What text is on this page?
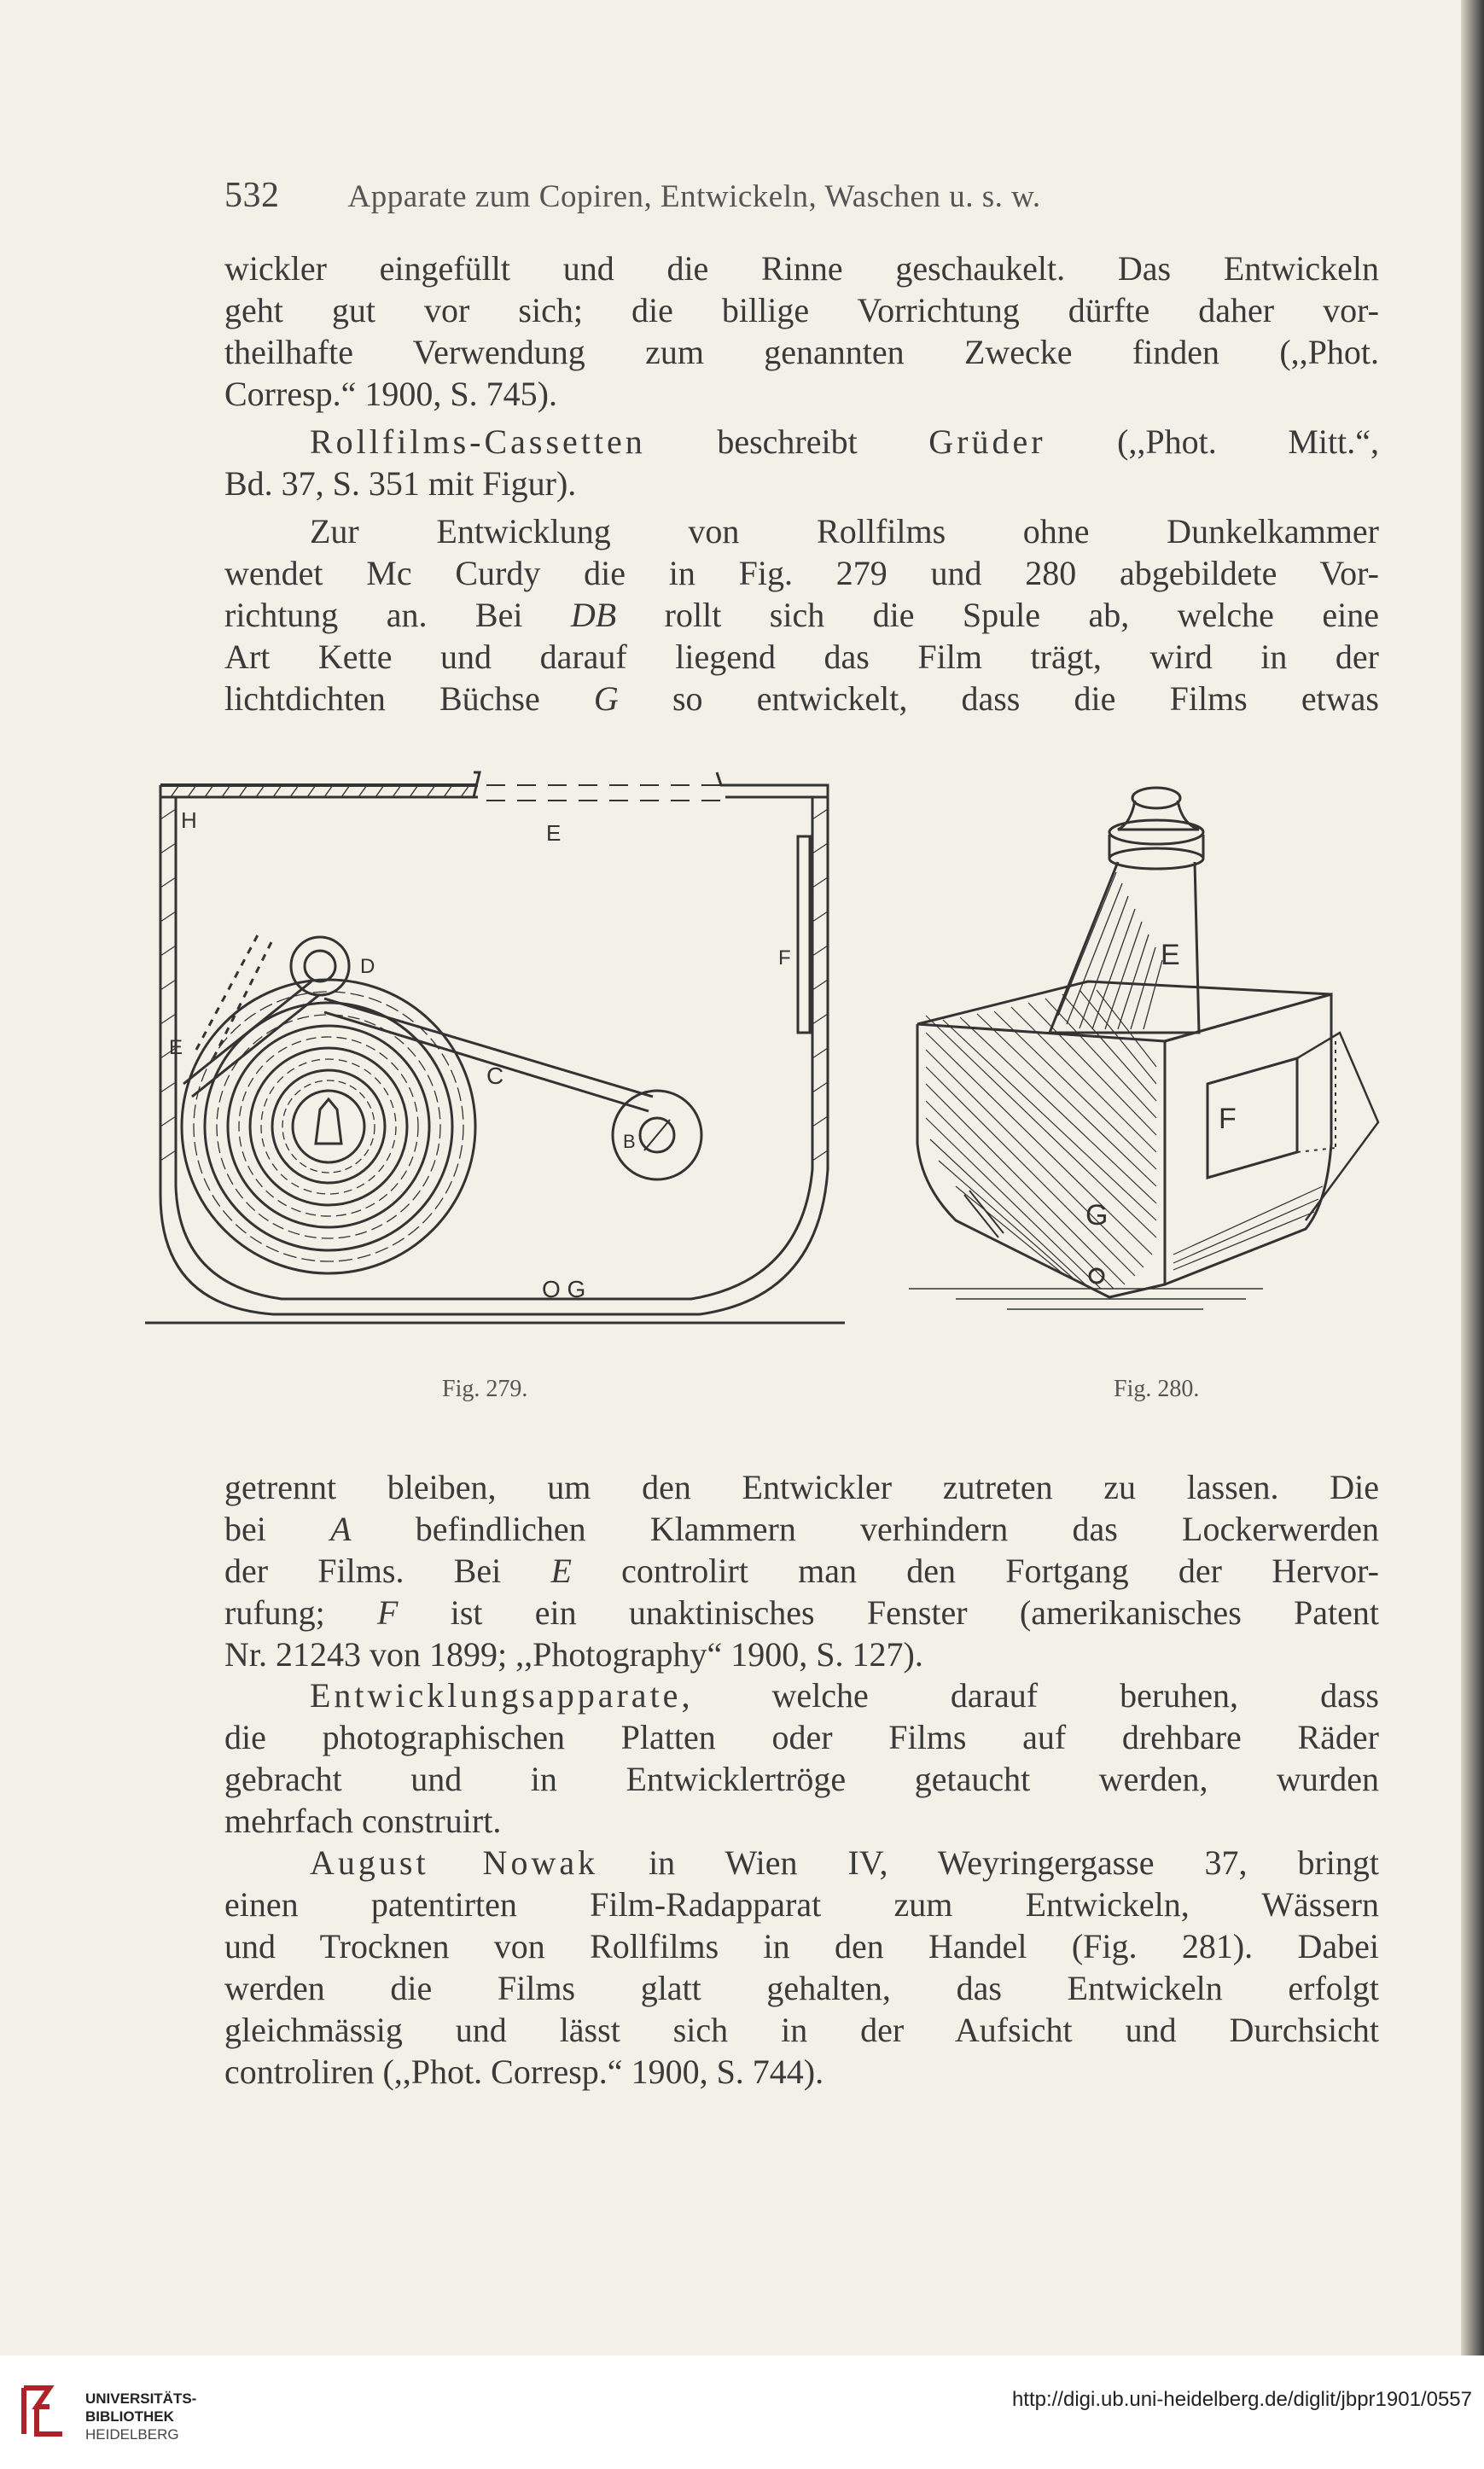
532 Apparate zum Copiren, Entwickeln, Waschen u. s. w.
wickler eingefüllt und die Rinne geschaukelt. Das Entwickeln
geht gut vor sich; die billige Vorrichtung dürfte daher vor-
theilhafte Verwendung zum genannten Zwecke finden (,,Phot.
Corresp.“ 1900, S. 745).
Rollfilms-Cassetten beschreibt Grüder (,,Phot. Mitt.“,
Bd. 37, S. 351 mit Figur).
Zur Entwicklung von Rollfilms ohne Dunkelkammer
wendet Mc Curdy die in Fig. 279 und 280 abgebildete Vor-
richtung an. Bei DB rollt sich die Spule ab, welche eine
Art Kette und darauf liegend das Film trägt, wird in der
lichtdichten Büchse G so entwickelt, dass die Films etwas
H	E
F
D
E
C
B
O G
E
F
G
Fig. 279.	Fig. 280.
getrennt bleiben, um den Entwickler zutreten zu lassen. Die
bei A befindlichen Klammern verhindern das Lockerwerden
der Films. Bei E controlirt man den Fortgang der Hervor-
rufung; F ist ein unaktinisches Fenster (amerikanisches Patent
Nr. 21243 von 1899; ,,Photography“ 1900, S. 127).
Entwicklungsapparate, welche darauf beruhen, dass
die photographischen Platten oder Films auf drehbare Räder
gebracht und in Entwicklertröge getaucht werden, wurden
mehrfach construirt.
August Nowak in Wien IV, Weyringergasse 37, bringt
einen patentirten Film-Radapparat zum Entwickeln, Wässern
und Trocknen von Rollfilms in den Handel (Fig. 281). Dabei
werden die Films glatt gehalten, das Entwickeln erfolgt
gleichmässig und lässt sich in der Aufsicht und Durchsicht
controliren (,,Phot. Corresp.“ 1900, S. 744).
UNIVERSITÄTS-
BIBLIOTHEK
HEIDELBERG
http://digi.ub.uni-heidelberg.de/diglit/jbpr1901/0557
